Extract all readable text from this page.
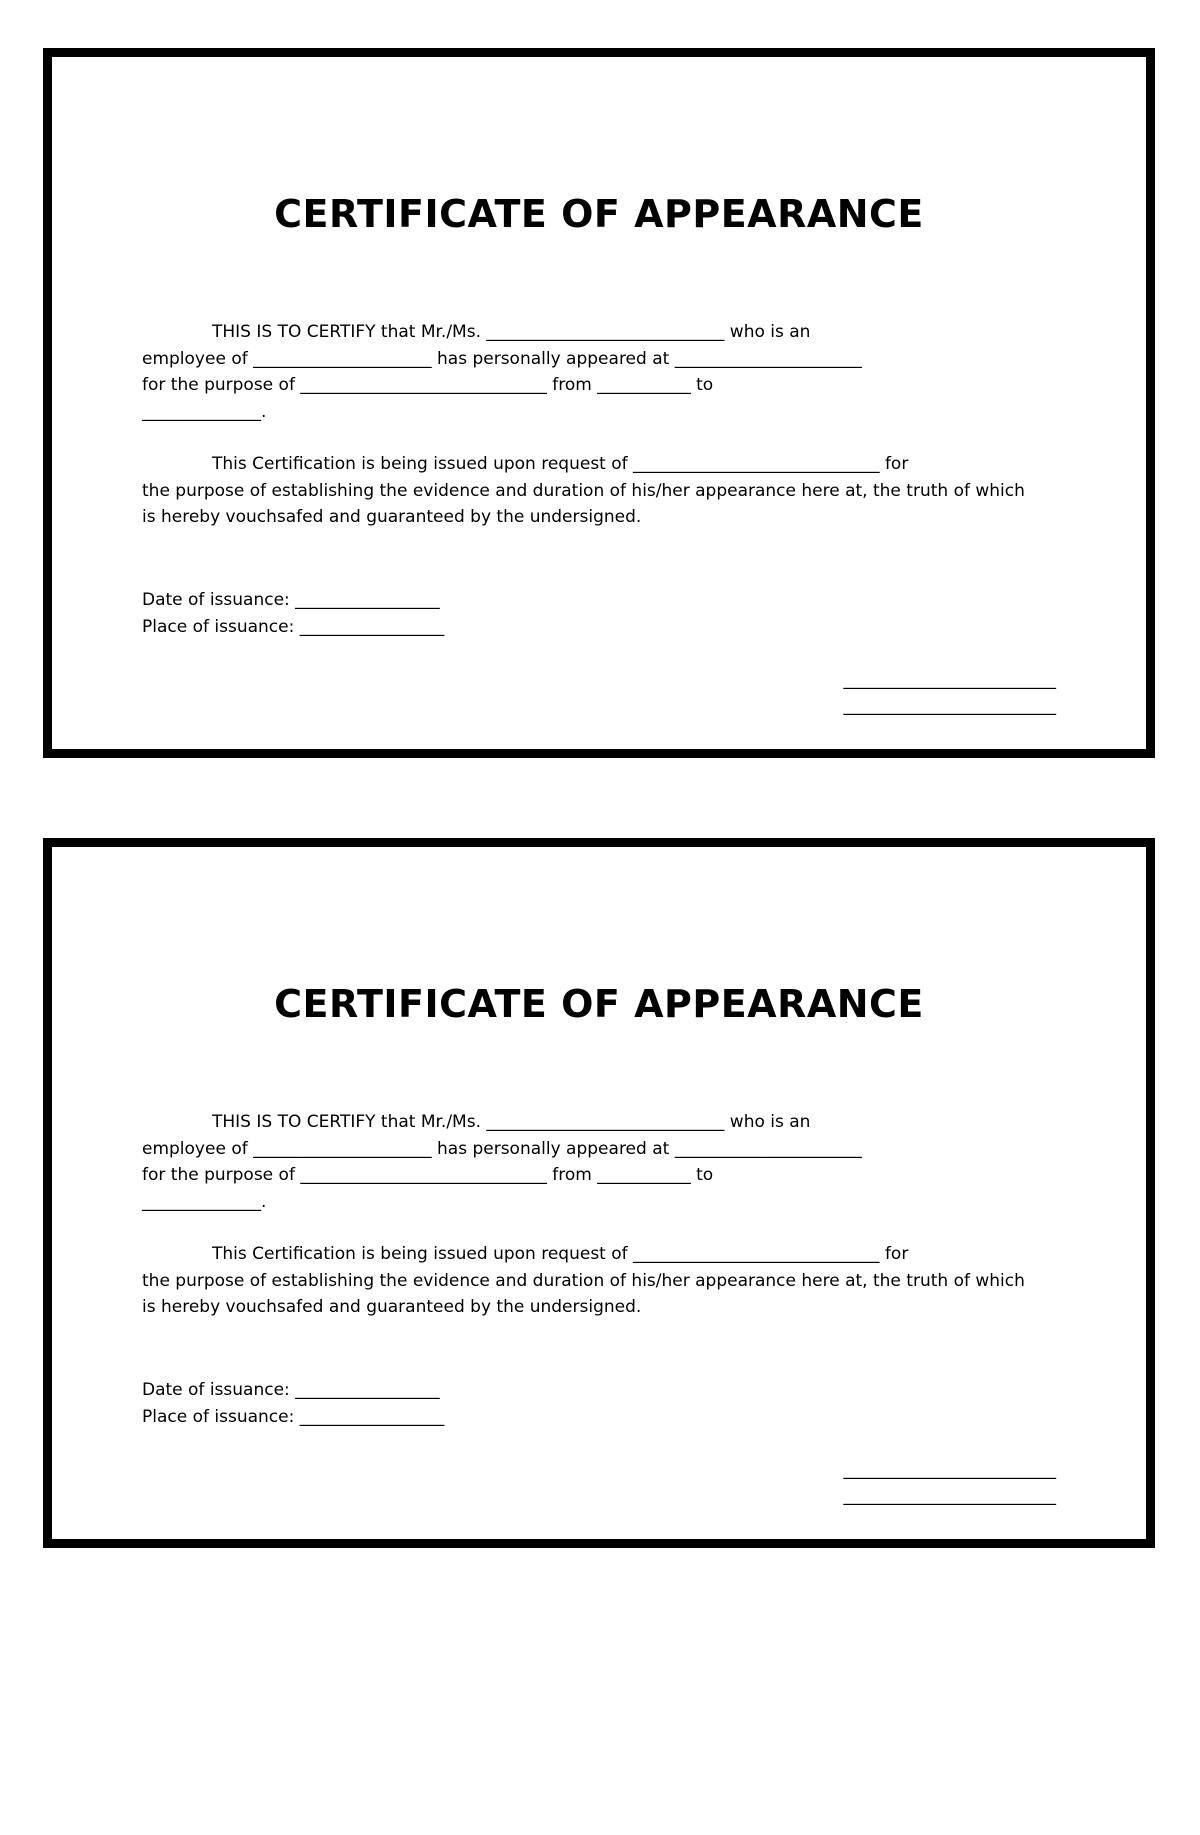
CERTIFICATE OF APPEARANCE
THIS IS TO CERTIFY that Mr./Ms. ____________________________ who is an
employee of _____________________ has personally appeared at ______________________
for the purpose of _____________________________ from ___________ to
______________.
This Certification is being issued upon request of _____________________________ for
the purpose of establishing the evidence and duration of his/her appearance here at, the truth of which
is hereby vouchsafed and guaranteed by the undersigned.
Date of issuance: _________________
Place of issuance: _________________
_________________________
_________________________
CERTIFICATE OF APPEARANCE
THIS IS TO CERTIFY that Mr./Ms. ____________________________ who is an
employee of _____________________ has personally appeared at ______________________
for the purpose of _____________________________ from ___________ to
______________.
This Certification is being issued upon request of _____________________________ for
the purpose of establishing the evidence and duration of his/her appearance here at, the truth of which
is hereby vouchsafed and guaranteed by the undersigned.
Date of issuance: _________________
Place of issuance: _________________
_________________________
_________________________
